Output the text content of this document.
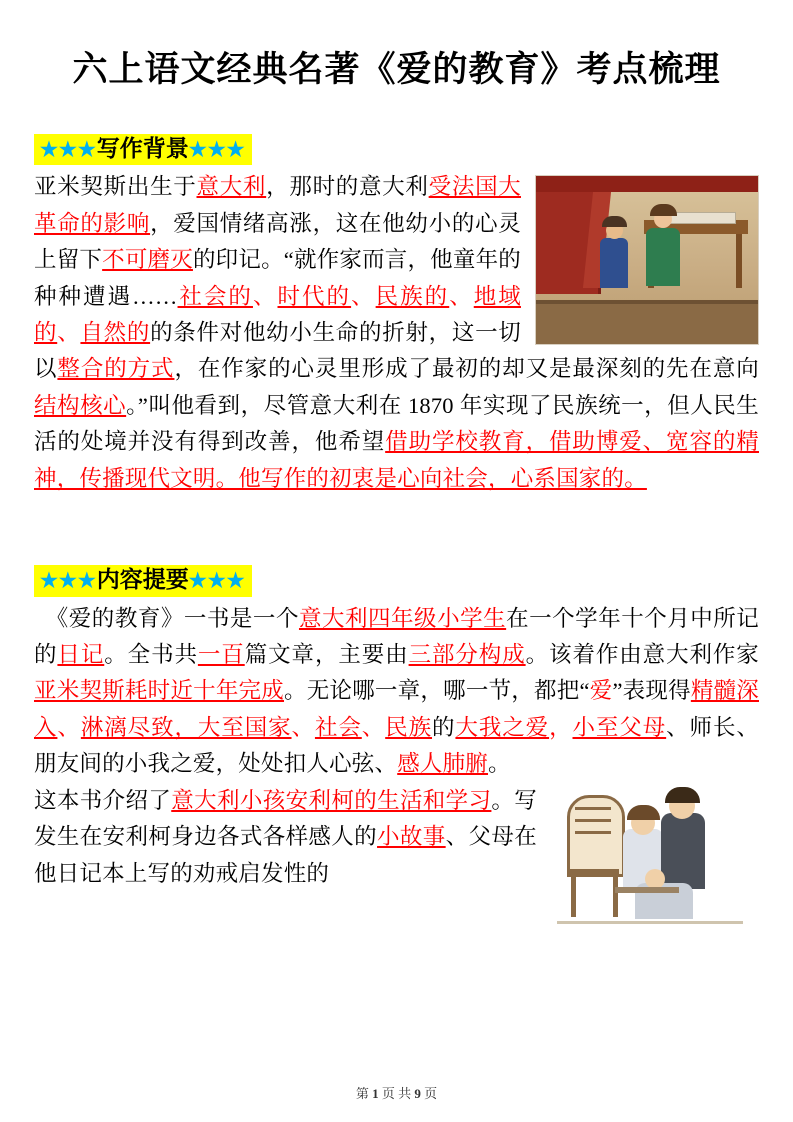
六上语文经典名著《爱的教育》考点梳理
★★★写作背景★★★
亚米契斯出生于意大利，那时的意大利受法国大革命的影响，爱国情绪高涨，这在他幼小的心灵上留下不可磨灭的印记。“就作家而言，他童年的种种遭遇……社会的、时代的、民族的、地域的、自然的的条件对他幼小生命的折射，这一切以整合的方式，在作家的心灵里形成了最初的却又是最深刻的先在意向结构核心。”叫他看到，尽管意大利在 1870 年实现了民族统一，但人民生活的处境并没有得到改善，他希望借助学校教育，借助博爱、宽容的精神，传播现代文明。他写作的初衷是心向社会，心系国家的。
★★★内容提要★★★
　《爱的教育》一书是一个意大利四年级小学生在一个学年十个月中所记的日记。全书共一百篇文章，主要由三部分构成。该着作由意大利作家亚米契斯耗时近十年完成。无论哪一章，哪一节，都把“爱”表现得精髓深入、淋漓尽致，大至国家、社会、民族的大我之爱，小至父母、师长、朋友间的小我之爱，处处扣人心弦、感人肺腑。
这本书介绍了意大利小孩安利柯的生活和学习。写发生在安利柯身边各式各样感人的小故事、父母在他日记本上写的劝戒启发性的
第 1 页 共 9 页
